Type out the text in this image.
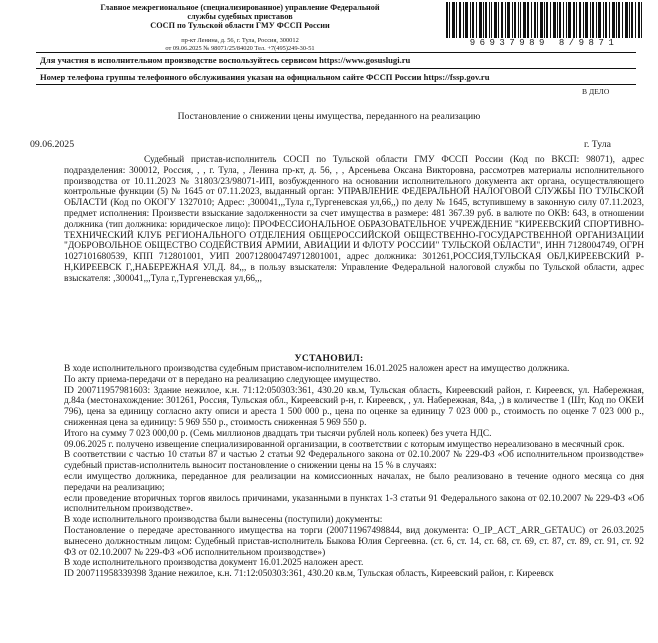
Главное межрегиональное (специализированное) управление Федеральной
службы судебных приставов
СОСП по Тульской области ГМУ ФССП России
пр-кт Ленина, д. 56, г. Тула, Россия, 300012
от 09.06.2025 № 98071/25/84020 Тел. +7(495)249-30-51	96937989 8/9871
Для участия в исполнительном производстве воспользуйтесь сервисом https://www.gosuslugi.ru
Номер телефона группы телефонного обслуживания указан на официальном сайте ФССП России https://fssp.gov.ru
В ДЕЛО
Постановление о снижении цены имущества, переданного на реализацию
09.06.2025	г. Тула

Судебный пристав-исполнитель СОСП по Тульской области ГМУ ФССП России (Код по ВКСП: 98071), адрес подразделения: 300012, Россия, , , г. Тула, , Ленина пр-кт, д. 56, , , Арсеньева Оксана Викторовна, рассмотрев материалы исполнительного производства от 10.11.2023 № 31803/23/98071-ИП, возбужденного на основании исполнительного документа акт органа, осуществляющего контрольные функции (5) № 1645 от 07.11.2023, выданный орган: УПРАВЛЕНИЕ ФЕДЕРАЛЬНОЙ НАЛОГОВОЙ СЛУЖБЫ ПО ТУЛЬСКОЙ ОБЛАСТИ (Код по ОКОГУ 1327010; Адрес: ,300041,,,Тула г,,Тургеневская ул,66,,) по делу № 1645, вступившему в законную силу 07.11.2023, предмет исполнения: Произвести взыскание задолженности за счет имущества в размере: 481 367.39 руб. в валюте по ОКВ: 643, в отношении должника (тип должника: юридическое лицо): ПРОФЕССИОНАЛЬНОЕ ОБРАЗОВАТЕЛЬНОЕ УЧРЕЖДЕНИЕ "КИРЕЕВСКИЙ СПОРТИВНО-ТЕХНИЧЕСКИЙ КЛУБ РЕГИОНАЛЬНОГО ОТДЕЛЕНИЯ ОБЩЕРОССИЙСКОЙ ОБЩЕСТВЕННО-ГОСУДАРСТВЕННОЙ ОРГАНИЗАЦИИ "ДОБРОВОЛЬНОЕ ОБЩЕСТВО СОДЕЙСТВИЯ АРМИИ, АВИАЦИИ И ФЛОТУ РОССИИ" ТУЛЬСКОЙ ОБЛАСТИ", ИНН 7128004749, ОГРН 1027101680539, КПП 712801001, УИП 20071280047497128010​01, адрес должника: 301261,РОССИЯ,ТУЛЬСКАЯ ОБЛ,КИРЕЕВСКИЙ Р-Н,КИРЕЕВСК Г,,НАБЕРЕЖНАЯ УЛ,Д. 84,,, в пользу взыскателя: Управление Федеральной налоговой службы по Тульской области, адрес взыскателя: ,300041,,,Тула г,,Тургеневская ул,66,,,

УСТАНОВИЛ:

В ходе исполнительного производства судебным приставом-исполнителем 16.01.2025 наложен арест на имущество должника.

По акту приема-передачи от в передано на реализацию следующее имущество.

ID 200711957981603: Здание нежилое, к.н. 71:12:050303:361, 430.20 кв.м, Тульская область, Киреевский район, г. Киреевск, ул. Набережная, д.84а (местонахождение: 301261, Россия, Тульская обл., Киреевский р-н, г. Киреевск, , ул. Набережная, 84а, ,) в количестве 1 (Шт, Код по ОКЕИ 796), цена за единицу согласно акту описи и ареста 1 500 000 р., цена по оценке за единицу 7 023 000 р., стоимость по оценке 7 023 000 р., сниженная цена за единицу: 5 969 550 р., стоимость сниженная 5 969 550 р.

Итого на сумму 7 023 000,00 р. (Семь миллионов двадцать три тысячи рублей ноль копеек) без учета НДС.

09.06.2025 г. получено извещение специализированной организации, в соответствии с которым имущество нереализовано в месячный срок.

В соответствии с частью 10 статьи 87 и частью 2 статьи 92 Федерального закона от 02.10.2007 № 229-ФЗ «Об исполнительном производстве» судебный пристав-исполнитель выносит постановление о снижении цены на 15 % в случаях:

если имущество должника, переданное для реализации на комиссионных началах, не было реализовано в течение одного месяца со дня передачи на реализацию;

если проведение вторичных торгов явилось причинами, указанными в пунктах 1-3 статьи 91 Федерального закона от 02.10.2007 № 229-ФЗ «Об исполнительном производстве».

В ходе исполнительного производства были вынесены (поступили) документы:

Постановление о передаче арестованного имущества на торги (200711967498844, вид документа: O_IP_ACT_ARR_GETAUC) от 26.03.2025 вынесено должностным лицом: Судебный пристав-исполнитель Быкова Юлия Сергеевна. (ст. 6, ст. 14, ст. 68, ст. 69, ст. 87, ст. 89, ст. 91, ст. 92 ФЗ от 02.10.2007 № 229-ФЗ «Об исполнительном производстве»)

В ходе исполнительного производства документ 16.01.2025 наложен арест.

ID 200711958339398 Здание нежилое, к.н. 71:12:050303:361, 430.20 кв.м, Тульская область, Киреевский район, г. Киреевск
